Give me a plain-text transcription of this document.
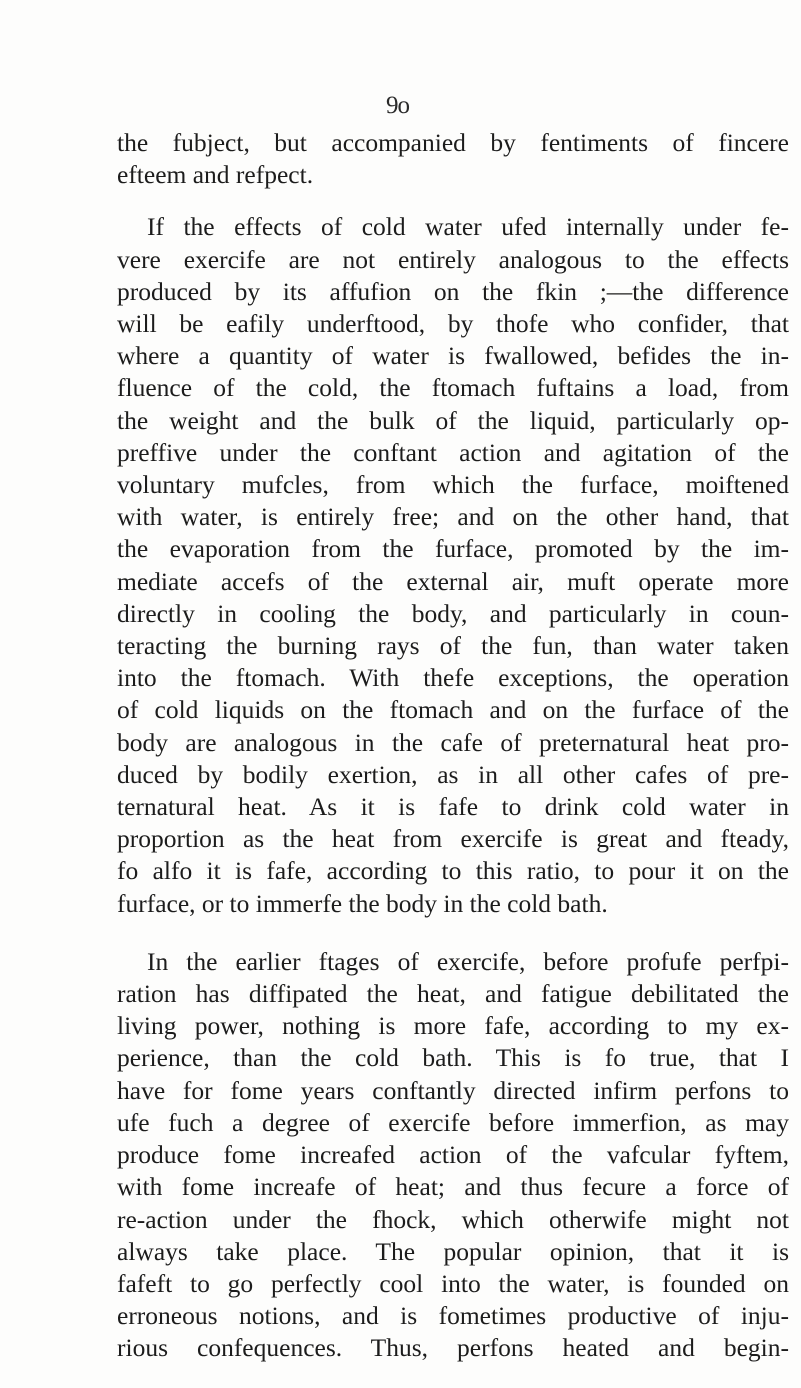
9o
the fubject, but accompanied by fentiments of fincere
efteem and refpect.
If the effects of cold water ufed internally under fe-
vere exercife are not entirely analogous to the effects
produced by its affufion on the fkin ;—the difference
will be eafily underftood, by thofe who confider, that
where a quantity of water is fwallowed, befides the in-
fluence of the cold, the ftomach fuftains a load, from
the weight and the bulk of the liquid, particularly op-
preffive under the conftant action and agitation of the
voluntary mufcles, from which the furface, moiftened
with water, is entirely free; and on the other hand, that
the evaporation from the furface, promoted by the im-
mediate accefs of the external air, muft operate more
directly in cooling the body, and particularly in coun-
teracting the burning rays of the fun, than water taken
into the ftomach. With thefe exceptions, the operation
of cold liquids on the ftomach and on the furface of the
body are analogous in the cafe of preternatural heat pro-
duced by bodily exertion, as in all other cafes of pre-
ternatural heat. As it is fafe to drink cold water in
proportion as the heat from exercife is great and fteady,
fo alfo it is fafe, according to this ratio, to pour it on the
furface, or to immerfe the body in the cold bath.
In the earlier ftages of exercife, before profufe perfpi-
ration has diffipated the heat, and fatigue debilitated the
living power, nothing is more fafe, according to my ex-
perience, than the cold bath. This is fo true, that I
have for fome years conftantly directed infirm perfons to
ufe fuch a degree of exercife before immerfion, as may
produce fome increafed action of the vafcular fyftem,
with fome increafe of heat; and thus fecure a force of
re-action under the fhock, which otherwife might not
always take place. The popular opinion, that it is
fafeft to go perfectly cool into the water, is founded on
erroneous notions, and is fometimes productive of inju-
rious confequences. Thus, perfons heated and begin-
